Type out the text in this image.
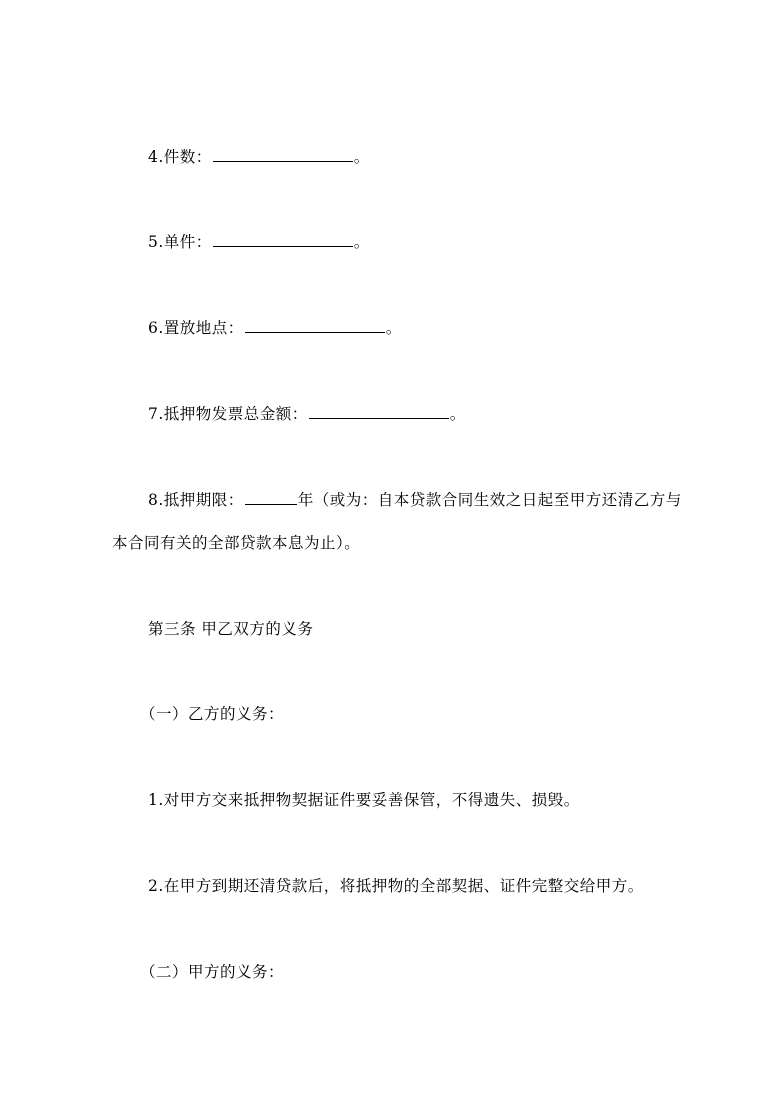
4.件数：	。
5.单件：	。
6.置放地点：	。
7.抵押物发票总金额：	。
8.抵押期限：	年（或为：自本贷款合同生效之日起至甲方还清乙方与
本合同有关的全部贷款本息为止）。
第三条 甲乙双方的义务
（一）乙方的义务：
1.对甲方交来抵押物契据证件要妥善保管，不得遗失、损毁。
2.在甲方到期还清贷款后，将抵押物的全部契据、证件完整交给甲方。
（二）甲方的义务：
